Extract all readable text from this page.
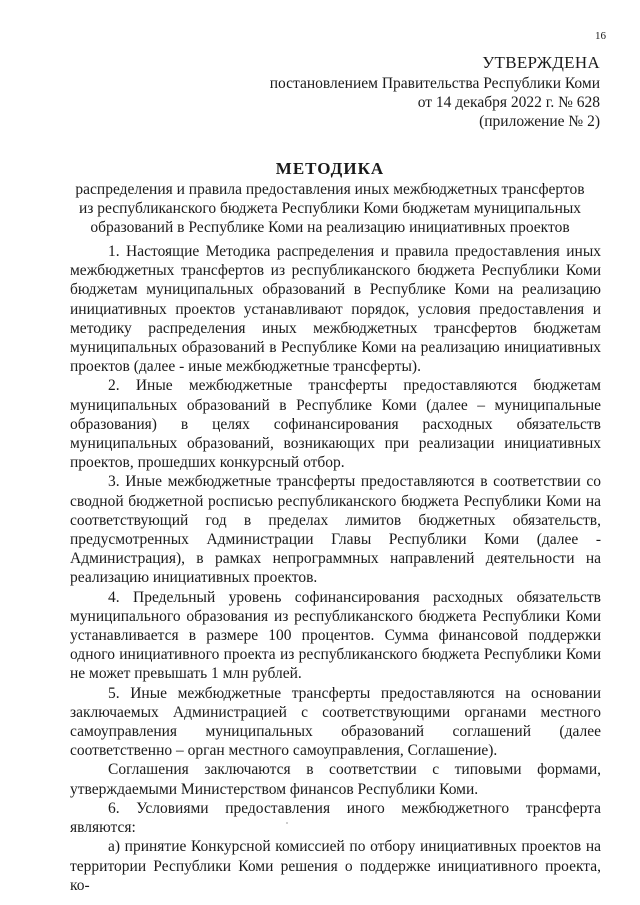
16
УТВЕРЖДЕНА
постановлением Правительства Республики Коми
от 14 декабря 2022 г. № 628
(приложение № 2)
МЕТОДИКА
распределения и правила предоставления иных межбюджетных трансфертов
из республиканского бюджета Республики Коми бюджетам муниципальных
образований в Республике Коми на реализацию инициативных проектов

1. Настоящие Методика распределения и правила предоставления иных межбюджетных трансфертов из республиканского бюджета Республики Коми бюджетам муниципальных образований в Республике Коми на реализацию инициативных проектов устанавливают порядок, условия предоставления и методику распределения иных межбюджетных трансфертов бюджетам муниципальных образований в Республике Коми на реализацию инициативных проектов (далее - иные межбюджетные трансферты).

2. Иные межбюджетные трансферты предоставляются бюджетам муниципальных образований в Республике Коми (далее – муниципальные образования) в целях софинансирования расходных обязательств муниципальных образований, возникающих при реализации инициативных проектов, прошедших конкурсный отбор.

3. Иные межбюджетные трансферты предоставляются в соответствии со сводной бюджетной росписью республиканского бюджета Республики Коми на соответствующий год в пределах лимитов бюджетных обязательств, предусмотренных Администрации Главы Республики Коми (далее - Администрация), в рамках непрограммных направлений деятельности на реализацию инициативных проектов.

4. Предельный уровень софинансирования расходных обязательств муниципального образования из республиканского бюджета Республики Коми устанавливается в размере 100 процентов. Сумма финансовой поддержки одного инициативного проекта из республиканского бюджета Республики Коми не может превышать 1 млн рублей.

5. Иные межбюджетные трансферты предоставляются на основании заключаемых Администрацией с соответствующими органами местного самоуправления муниципальных образований соглашений (далее соответственно – орган местного самоуправления, Соглашение).

Соглашения заключаются в соответствии с типовыми формами, утверждаемыми Министерством финансов Республики Коми.

6. Условиями предоставления иного межбюджетного трансферта являются:

а) принятие Конкурсной комиссией по отбору инициативных проектов на территории Республики Коми решения о поддержке инициативного проекта, ко-
